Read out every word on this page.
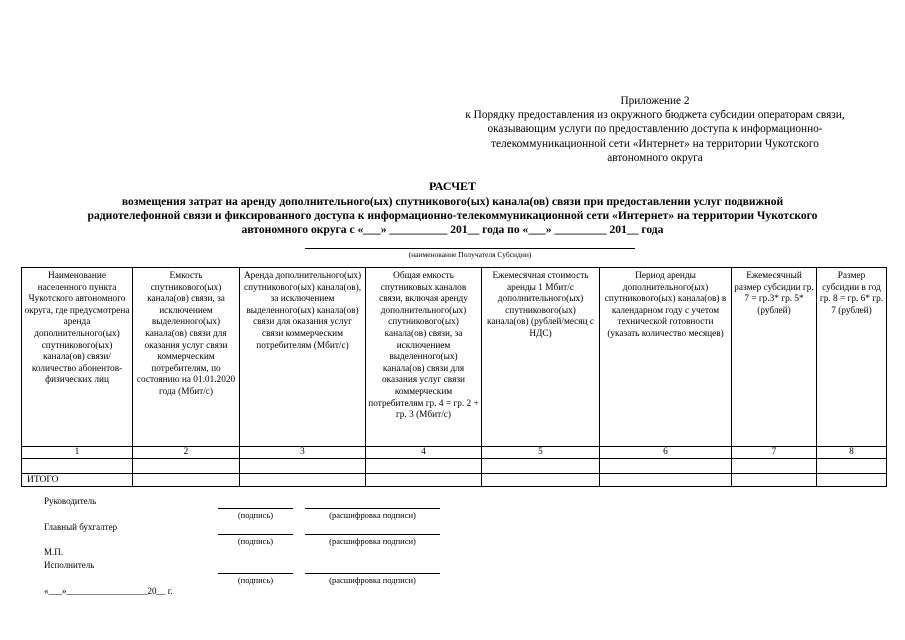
Приложение 2
к Порядку предоставления из окружного бюджета субсидии операторам связи,
оказывающим услуги по предоставлению доступа к информационно-
телекоммуникационной сети «Интернет» на территории Чукотского
автономного округа
РАСЧЕТ
возмещения затрат на аренду дополнительного(ых) спутникового(ых) канала(ов) связи при предоставлении услуг подвижной
радиотелефонной связи и фиксированного доступа к информационно-телекоммуникационной сети «Интернет» на территории Чукотского
автономного округа с «___» __________ 201__ года по «___» _________ 201__ года
(наименование Получателя Субсидии)
Наименование населенного пункта Чукотского автономного округа, где предусмотрена аренда дополнительного(ых) спутникового(ых) канала(ов) связи/количество абонентов-физических лиц	Емкость спутникового(ых) канала(ов) связи, за исключением выделенного(ых) канала(ов) связи для оказания услуг связи коммерческим потребителям, по состоянию на 01.01.2020 года (Мбит/с)	Аренда дополнительного(ых) спутникового(ых) канала(ов), за исключением выделенного(ых) канала(ов) связи для оказания услуг связи коммерческим потребителям (Мбит/с)	Общая емкость спутниковых каналов связи, включая аренду дополнительного(ых) спутникового(ых) канала(ов) связи, за исключением выделенного(ых) канала(ов) связи для оказания услуг связи коммерческим потребителям гр. 4 = гр. 2 + гр. 3 (Мбит/с)	Ежемесячная стоимость аренды 1 Мбит/с дополнительного(ых) спутникового(ых) канала(ов) (рублей/месяц с НДС)	Период аренды дополнительного(ых) спутникового(ых) канала(ов) в календарном году с учетом технической готовности (указать количество месяцев)	Ежемесячный размер субсидии гр. 7 = гр.3* гр. 5* (рублей)	Размер субсидии в год гр. 8 = гр. 6* гр. 7 (рублей)
1	2	3	4	5	6	7	8

ИТОГО							
Руководитель
(подпись)	(расшифровка подписи)
Главный бухгалтер
(подпись)	(расшифровка подписи)
М.П.
Исполнитель
(подпись)	(расшифровка подписи)
«___»__________________20__ г.
